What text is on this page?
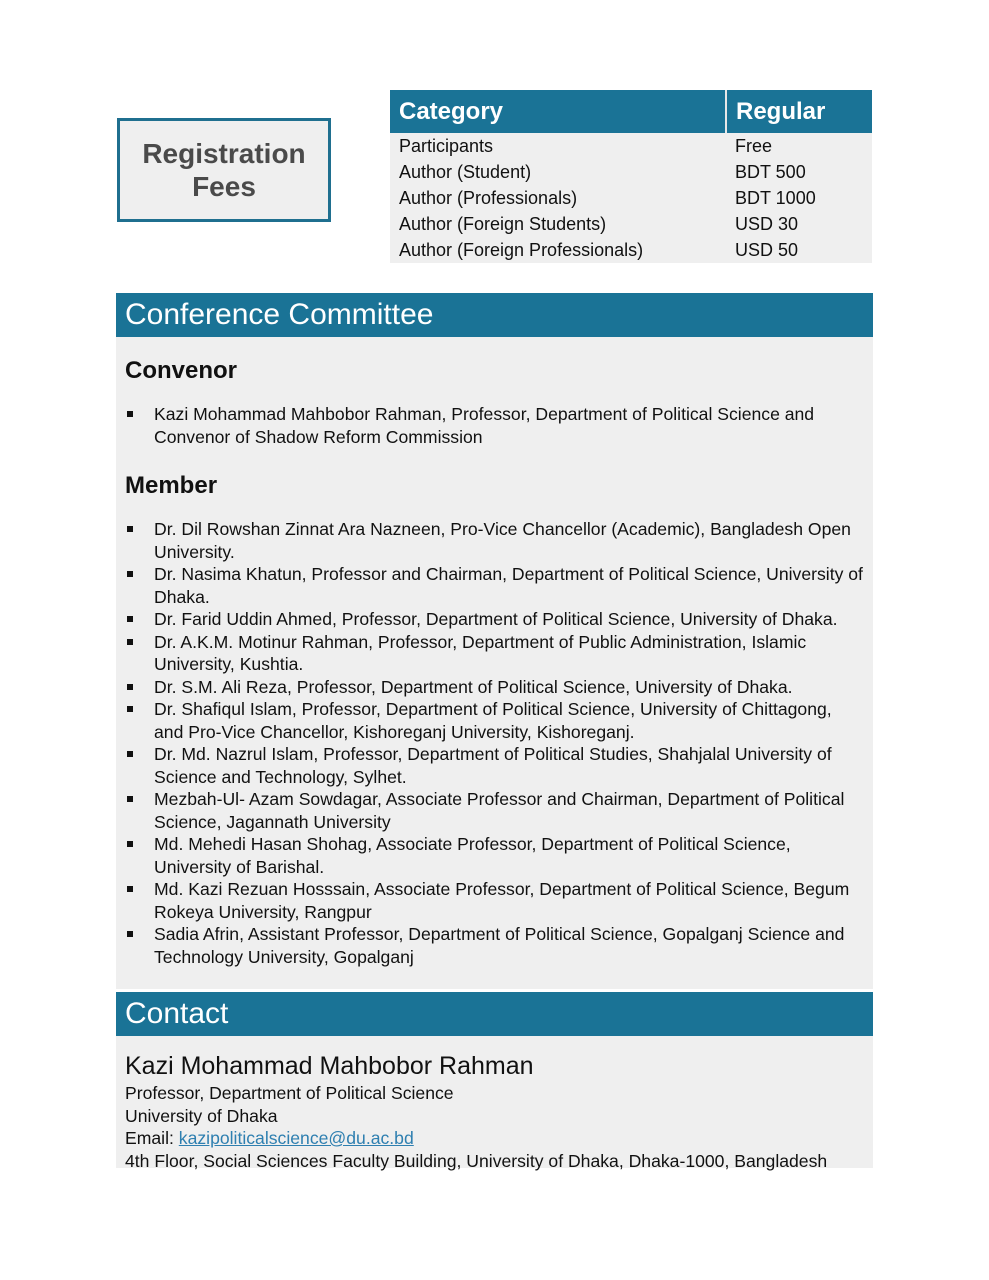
Registration
Fees
Category	Regular
Participants	Free
Author (Student)	BDT 500
Author (Professionals)	BDT 1000
Author (Foreign Students)	USD 30
Author (Foreign Professionals)	USD 50
Conference Committee
Convenor
Kazi Mohammad Mahbobor Rahman, Professor, Department of Political Science and Convenor of Shadow Reform Commission
Member
Dr. Dil Rowshan Zinnat Ara Nazneen, Pro-Vice Chancellor (Academic), Bangladesh Open University.
Dr. Nasima Khatun, Professor and Chairman, Department of Political Science, University of Dhaka.
Dr. Farid Uddin Ahmed, Professor, Department of Political Science, University of Dhaka.
Dr. A.K.M. Motinur Rahman, Professor, Department of Public Administration, Islamic University, Kushtia.
Dr. S.M. Ali Reza, Professor, Department of Political Science, University of Dhaka.
Dr. Shafiqul Islam, Professor, Department of Political Science, University of Chittagong, and Pro-Vice Chancellor, Kishoreganj University, Kishoreganj.
Dr. Md. Nazrul Islam, Professor, Department of Political Studies, Shahjalal University of Science and Technology, Sylhet.
Mezbah-Ul- Azam Sowdagar, Associate Professor and Chairman, Department of Political Science, Jagannath University
Md. Mehedi Hasan Shohag, Associate Professor, Department of Political Science, University of Barishal.
Md. Kazi Rezuan Hosssain, Associate Professor, Department of Political Science, Begum Rokeya University, Rangpur
Sadia Afrin, Assistant Professor, Department of Political Science, Gopalganj Science and Technology University, Gopalganj
Contact
Kazi Mohammad Mahbobor Rahman
Professor, Department of Political Science
University of Dhaka
Email: kazipoliticalscience@du.ac.bd
4th Floor, Social Sciences Faculty Building, University of Dhaka, Dhaka-1000, Bangladesh
